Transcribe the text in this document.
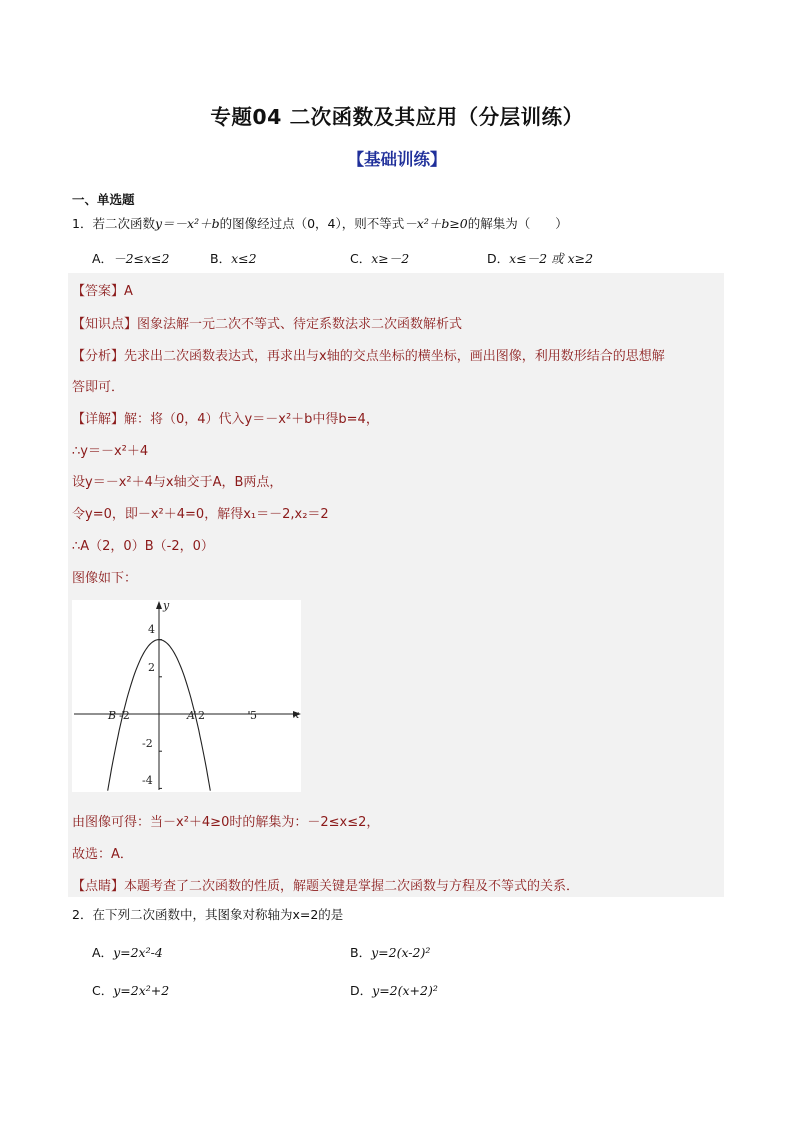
专题04 二次函数及其应用（分层训练）
【基础训练】
一、单选题
1．若二次函数y＝－x²＋b的图像经过点（0，4），则不等式－x²＋b≥0的解集为（　　）
A．－2≤x≤2	B．x≤2	C．x≥－2	D．x≤－2 或 x≥2
【答案】A
【知识点】图象法解一元二次不等式、待定系数法求二次函数解析式
【分析】先求出二次函数表达式，再求出与x轴的交点坐标的横坐标，画出图像，利用数形结合的思想解
答即可．
【详解】解：将（0，4）代入y＝－x²＋b中得b=4，
∴y＝－x²＋4
设y＝－x²＋4与x轴交于A，B两点，
令y=0，即－x²＋4=0，解得x₁＝－2,x₂＝2
∴A（2，0）B（-2，0）
图像如下：
x
y
-2	2	5
4
2
-2
-4
B	A
由图像可得：当－x²＋4≥0时的解集为：－2≤x≤2，
故选：A．
【点睛】本题考查了二次函数的性质，解题关键是掌握二次函数与方程及不等式的关系．
2．在下列二次函数中，其图象对称轴为x=2的是
A．y=2x²-4	B．y=2(x-2)²
C．y=2x²+2	D．y=2(x+2)²
